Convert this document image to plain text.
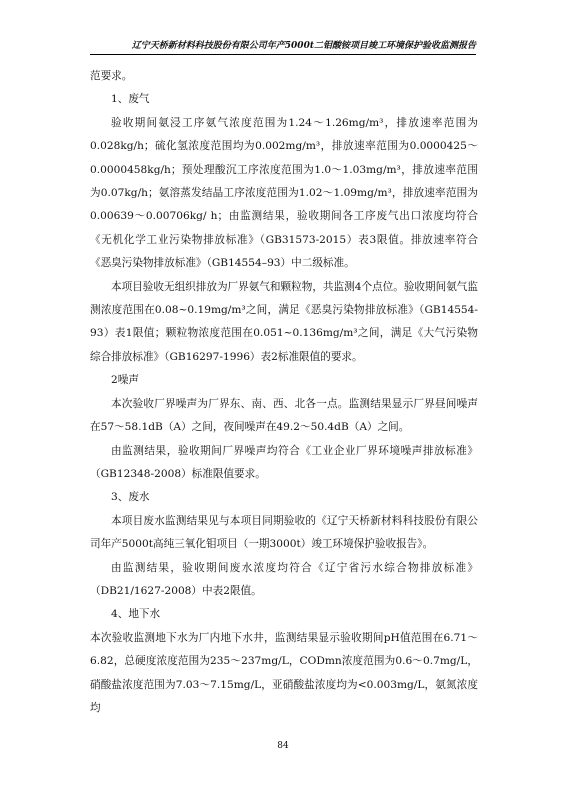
辽宁天桥新材料科技股份有限公司年产5000t二钼酸铵项目竣工环境保护验收监测报告

范要求。

1、废气

验收期间氨浸工序氨气浓度范围为1.24～1.26mg/m³，排放速率范围为0.028kg/h；硫化氢浓度范围均为0.002mg/m³，排放速率范围为0.0000425～0.0000458kg/h；预处理酸沉工序浓度范围为1.0～1.03mg/m³，排放速率范围为0.07kg/h；氨溶蒸发结晶工序浓度范围为1.02～1.09mg/m³，排放速率范围为0.00639～0.00706kg/ h；由监测结果，验收期间各工序废气出口浓度均符合《无机化学工业污染物排放标准》（GB31573-2015）表3限值。排放速率符合《恶臭污染物排放标准》（GB14554–93）中二级标准。

本项目验收无组织排放为厂界氨气和颗粒物，共监测4个点位。验收期间氨气监测浓度范围在0.08~0.19mg/m³之间，满足《恶臭污染物排放标准》（GB14554-93）表1限值；颗粒物浓度范围在0.051~0.136mg/m³之间，满足《大气污染物综合排放标准》（GB16297-1996）表2标准限值的要求。

2噪声

本次验收厂界噪声为厂界东、南、西、北各一点。监测结果显示厂界昼间噪声在57～58.1dB（A）之间，夜间噪声在49.2～50.4dB（A）之间。

由监测结果，验收期间厂界噪声均符合《工业企业厂界环境噪声排放标准》（GB12348-2008）标准限值要求。

3、废水

本项目废水监测结果见与本项目同期验收的《辽宁天桥新材料科技股份有限公司年产5000t高纯三氧化钼项目（一期3000t）竣工环境保护验收报告》。

由监测结果，验收期间废水浓度均符合《辽宁省污水综合物排放标准》（DB21/1627-2008）中表2限值。

4、地下水

本次验收监测地下水为厂内地下水井，监测结果显示验收期间pH值范围在6.71～6.82，总硬度浓度范围为235～237mg/L，CODmn浓度范围为0.6～0.7mg/L，硝酸盐浓度范围为7.03～7.15mg/L，亚硝酸盐浓度均为<0.003mg/L，氨氮浓度均

84
